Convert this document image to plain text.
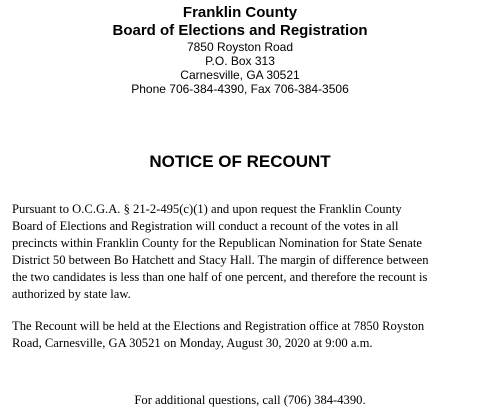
Franklin County

Board of Elections and Registration

7850 Royston Road

P.O. Box 313

Carnesville, GA 30521

Phone 706-384-4390, Fax 706-384-3506

NOTICE OF RECOUNT

Pursuant to O.C.G.A. § 21-2-495(c)(1) and upon request the Franklin County
Board of Elections and Registration will conduct a recount of the votes in all
precincts within Franklin County for the Republican Nomination for State Senate
District 50 between Bo Hatchett and Stacy Hall. The margin of difference between
the two candidates is less than one half of one percent, and therefore the recount is
authorized by state law.

The Recount will be held at the Elections and Registration office at 7850 Royston
Road, Carnesville, GA 30521 on Monday, August 30, 2020 at 9:00 a.m.

For additional questions, call (706) 384-4390.
